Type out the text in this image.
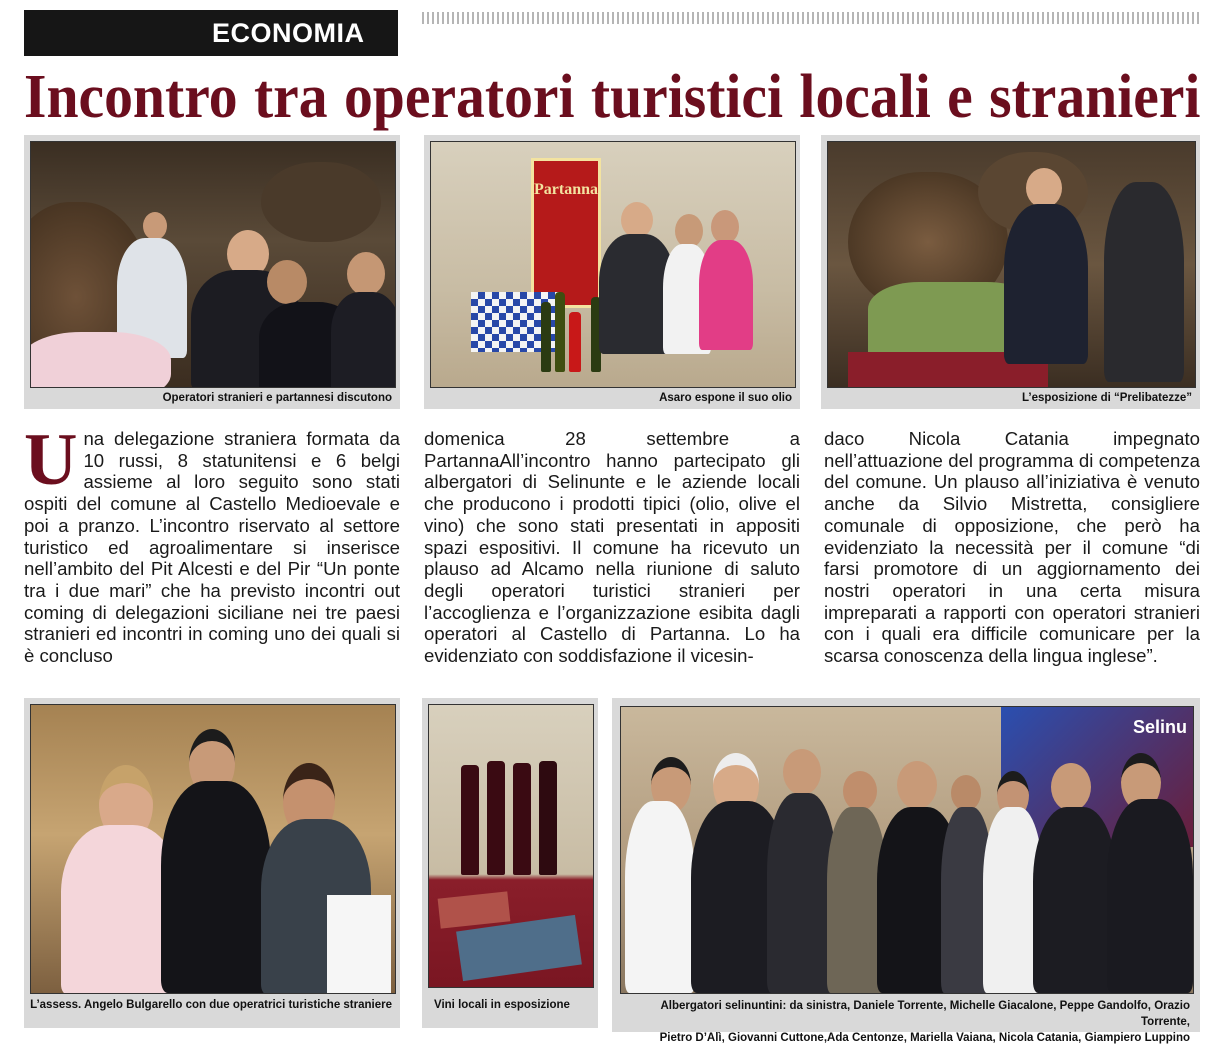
ECONOMIA
Incontro tra operatori turistici locali e stranieri
Operatori stranieri e partannesi discutono
Partanna
Asaro espone il suo olio	L’esposizione di “Prelibatezze”
Una delegazione straniera formata da 10 russi, 8 statunitensi e 6 belgi assieme al loro seguito sono stati ospiti del comune al Castello Medioevale e poi a pranzo. L’incontro riservato al settore turistico ed agroalimentare si inserisce nell’ambito del Pit Alcesti e del Pir “Un ponte tra i due mari” che ha previsto incontri out coming di delegazioni siciliane nei tre paesi stranieri ed incontri in coming uno dei quali si è concluso
domenica 28 settembre a PartannaAll’incontro hanno partecipato gli albergatori di Selinunte e le aziende locali che producono i prodotti tipici (olio, olive el vino) che sono stati presentati in appositi spazi espositivi. Il comune ha ricevuto un plauso ad Alcamo nella riunione di saluto degli operatori turistici stranieri per l’accoglienza e l’organizzazione esibita dagli operatori al Castello di Partanna. Lo ha evidenziato con soddisfazione il vicesin-
daco Nicola Catania impegnato nell’attuazione del programma di competenza del comune. Un plauso all’iniziativa è venuto anche da Silvio Mistretta, consigliere comunale di opposizione, che però ha evidenziato la necessità per il comune “di farsi promotore di un aggiornamento dei nostri operatori in una certa misura impreparati a rapporti con operatori stranieri con i quali era difficile comunicare per la scarsa conoscenza della lingua inglese”.
L’assess. Angelo Bulgarello con due operatrici turistiche straniere	Vini locali in esposizione
Selinu
Albergatori selinuntini: da sinistra, Daniele Torrente, Michelle Giacalone, Peppe Gandolfo, Orazio Torrente,
Pietro D’Alì, Giovanni Cuttone,Ada Centonze, Mariella Vaiana, Nicola Catania, Giampiero Luppino
